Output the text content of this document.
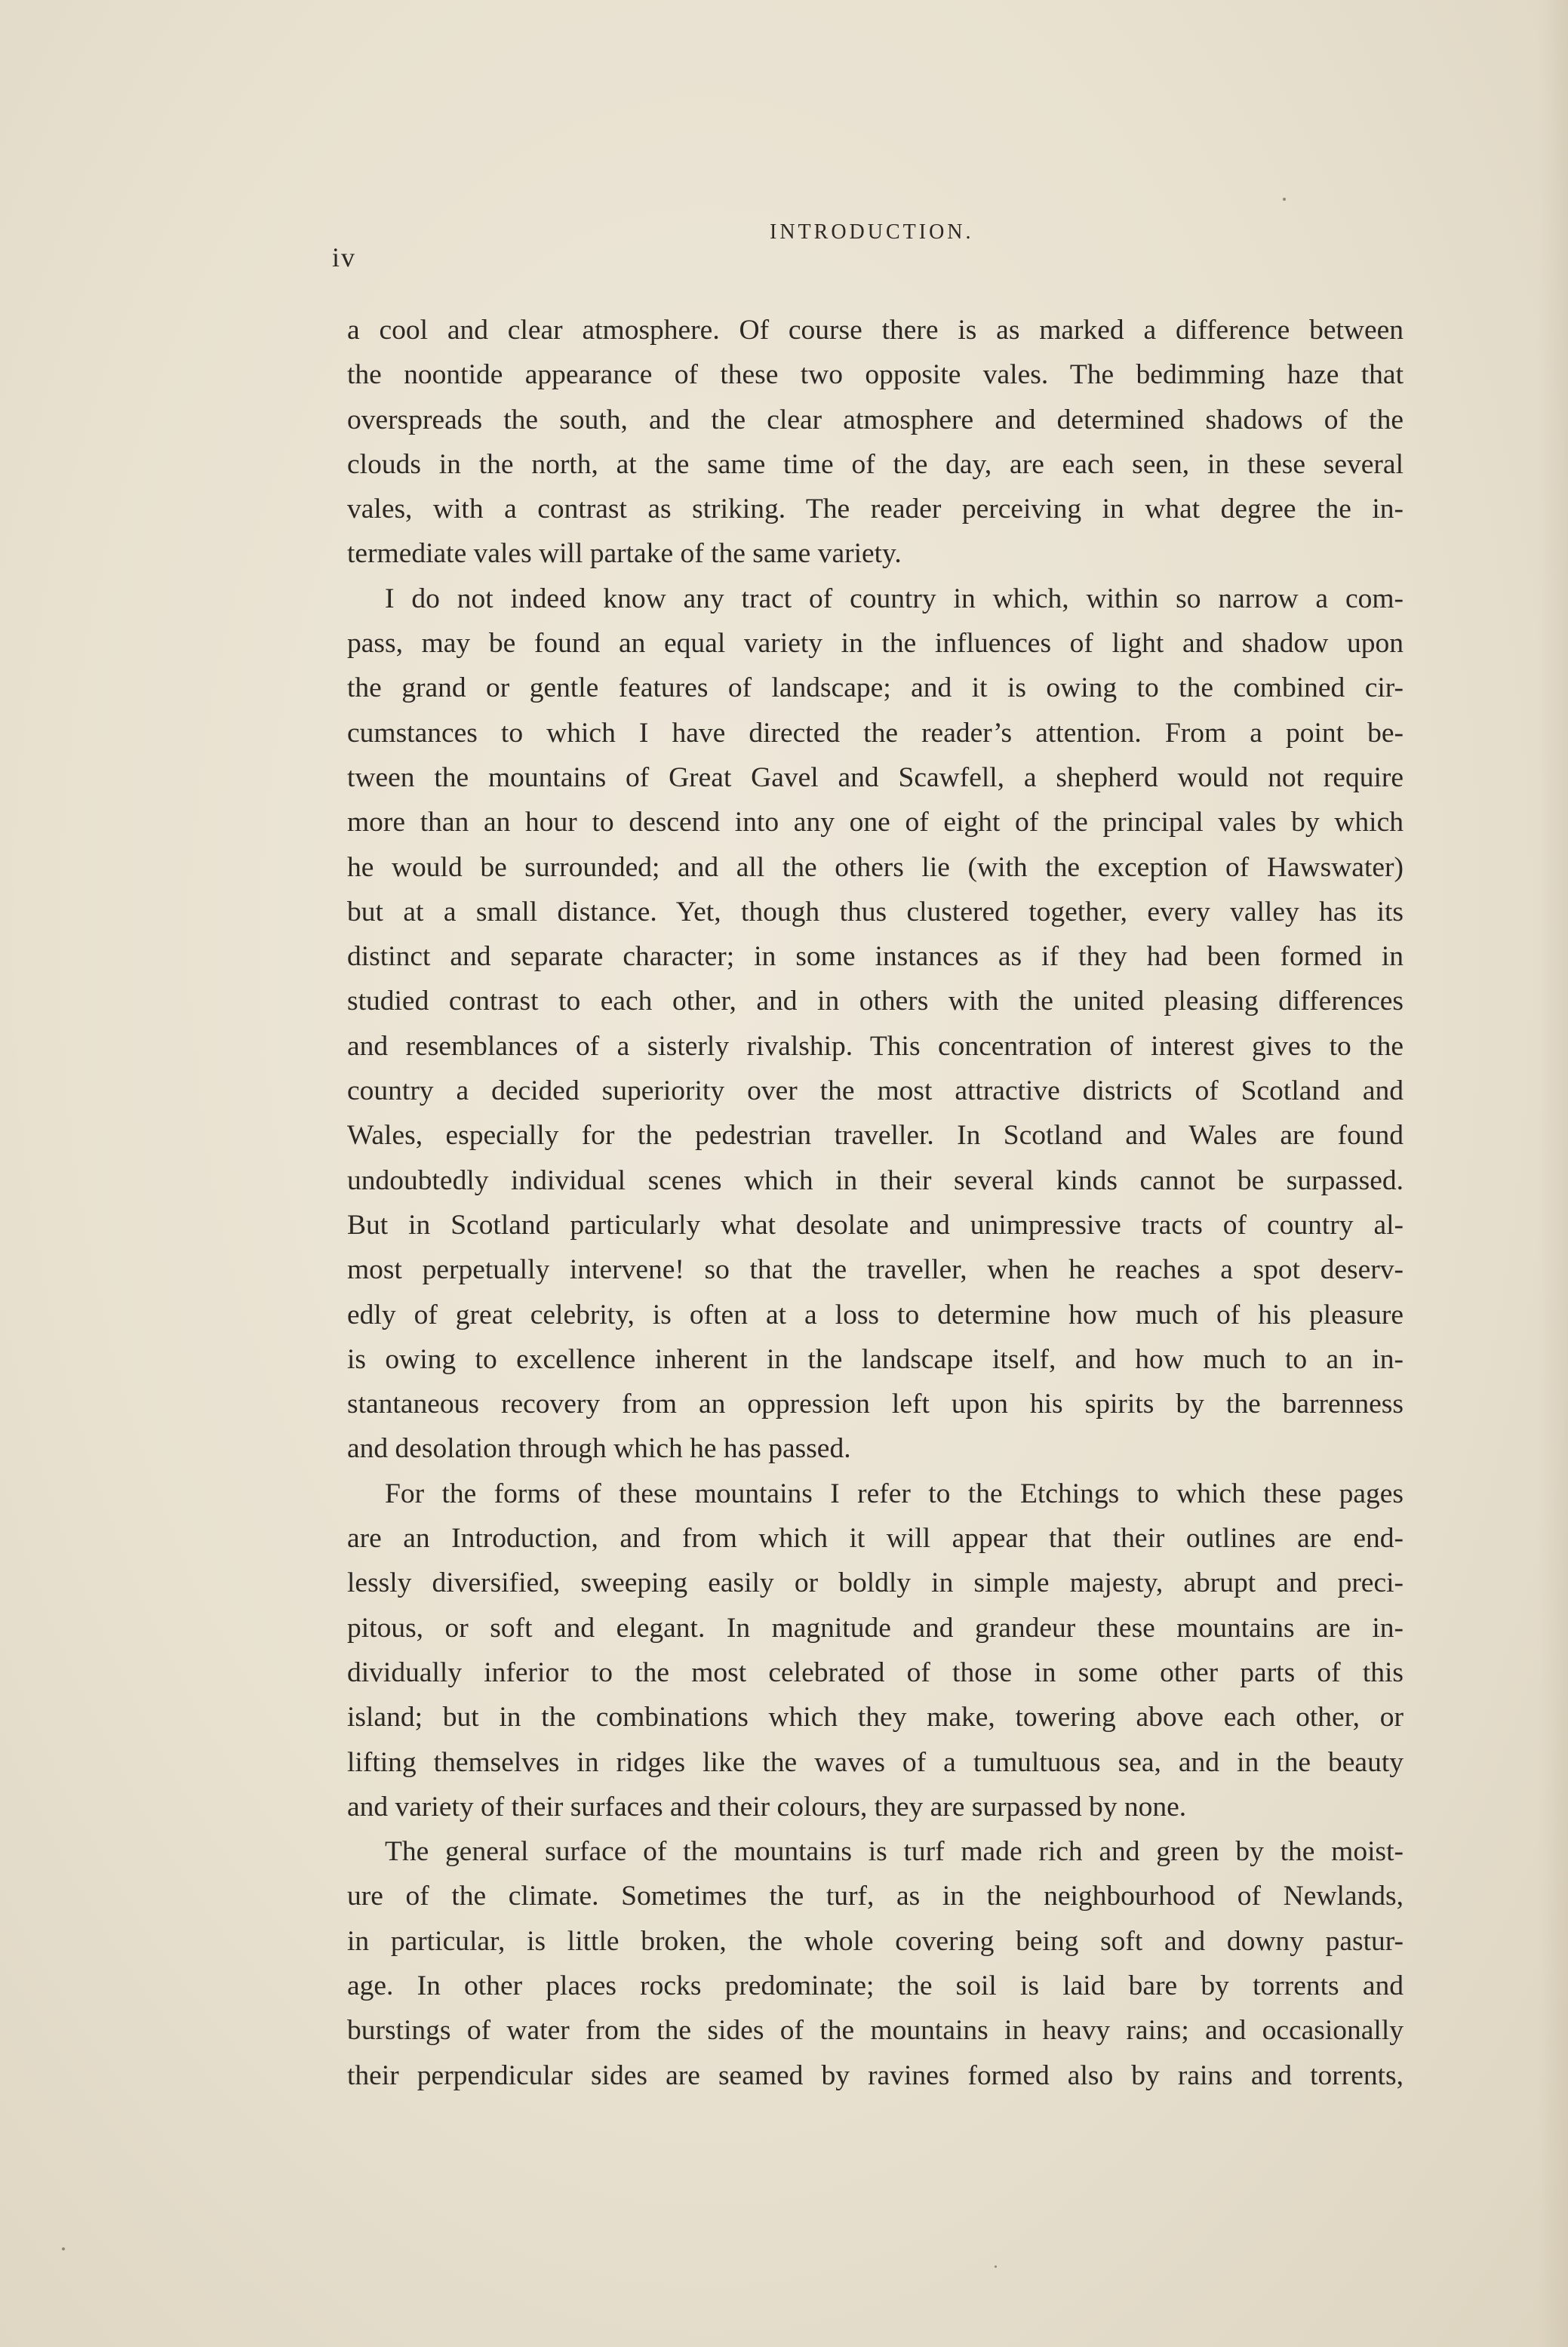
iv
INTRODUCTION.
a cool and clear atmosphere. Of course there is as marked a difference between
the noontide appearance of these two opposite vales. The bedimming haze that
overspreads the south, and the clear atmosphere and determined shadows of the
clouds in the north, at the same time of the day, are each seen, in these several
vales, with a contrast as striking. The reader perceiving in what degree the in-
termediate vales will partake of the same variety.
I do not indeed know any tract of country in which, within so narrow a com-
pass, may be found an equal variety in the influences of light and shadow upon
the grand or gentle features of landscape; and it is owing to the combined cir-
cumstances to which I have directed the reader’s attention. From a point be-
tween the mountains of Great Gavel and Scawfell, a shepherd would not require
more than an hour to descend into any one of eight of the principal vales by which
he would be surrounded; and all the others lie (with the exception of Hawswater)
but at a small distance. Yet, though thus clustered together, every valley has its
distinct and separate character; in some instances as if they had been formed in
studied contrast to each other, and in others with the united pleasing differences
and resemblances of a sisterly rivalship. This concentration of interest gives to the
country a decided superiority over the most attractive districts of Scotland and
Wales, especially for the pedestrian traveller. In Scotland and Wales are found
undoubtedly individual scenes which in their several kinds cannot be surpassed.
But in Scotland particularly what desolate and unimpressive tracts of country al-
most perpetually intervene! so that the traveller, when he reaches a spot deserv-
edly of great celebrity, is often at a loss to determine how much of his pleasure
is owing to excellence inherent in the landscape itself, and how much to an in-
stantaneous recovery from an oppression left upon his spirits by the barrenness
and desolation through which he has passed.
For the forms of these mountains I refer to the Etchings to which these pages
are an Introduction, and from which it will appear that their outlines are end-
lessly diversified, sweeping easily or boldly in simple majesty, abrupt and preci-
pitous, or soft and elegant. In magnitude and grandeur these mountains are in-
dividually inferior to the most celebrated of those in some other parts of this
island; but in the combinations which they make, towering above each other, or
lifting themselves in ridges like the waves of a tumultuous sea, and in the beauty
and variety of their surfaces and their colours, they are surpassed by none.
The general surface of the mountains is turf made rich and green by the moist-
ure of the climate. Sometimes the turf, as in the neighbourhood of Newlands,
in particular, is little broken, the whole covering being soft and downy pastur-
age. In other places rocks predominate; the soil is laid bare by torrents and
burstings of water from the sides of the mountains in heavy rains; and occasionally
their perpendicular sides are seamed by ravines formed also by rains and torrents,
